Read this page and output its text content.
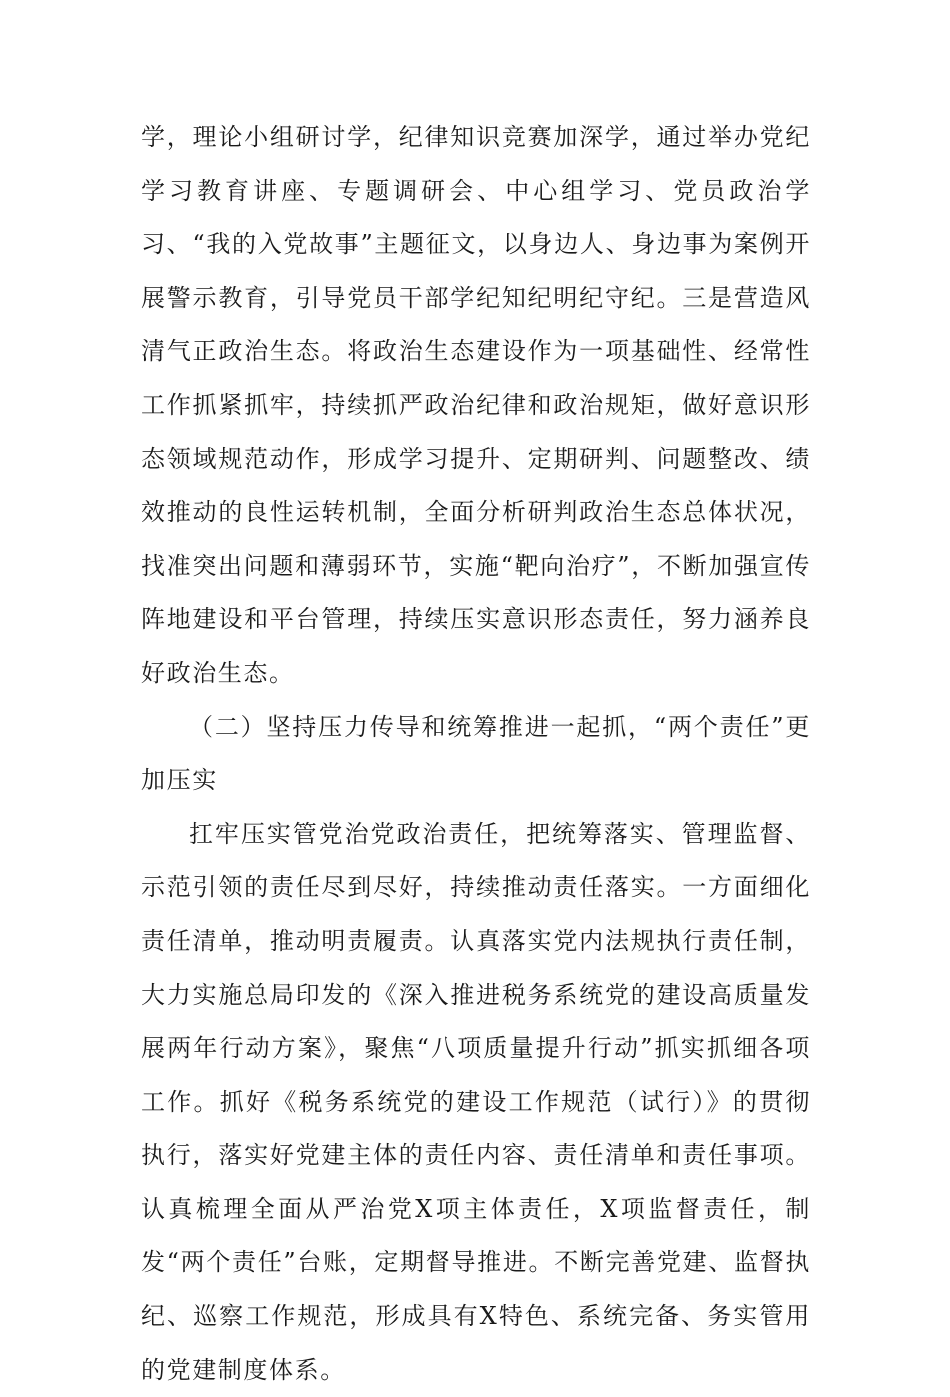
学，理论小组研讨学，纪律知识竞赛加深学，通过举办党纪学习教育讲座、专题调研会、中心组学习、党员政治学习、“我的入党故事”主题征文，以身边人、身边事为案例开展警示教育，引导党员干部学纪知纪明纪守纪。三是营造风清气正政治生态。将政治生态建设作为一项基础性、经常性工作抓紧抓牢，持续抓严政治纪律和政治规矩，做好意识形态领域规范动作，形成学习提升、定期研判、问题整改、绩效推动的良性运转机制，全面分析研判政治生态总体状况，找准突出问题和薄弱环节，实施“靶向治疗”，不断加强宣传阵地建设和平台管理，持续压实意识形态责任，努力涵养良好政治生态。

（二）坚持压力传导和统筹推进一起抓，“两个责任”更加压实

扛牢压实管党治党政治责任，把统筹落实、管理监督、示范引领的责任尽到尽好，持续推动责任落实。一方面细化责任清单，推动明责履责。认真落实党内法规执行责任制，大力实施总局印发的《深入推进税务系统党的建设高质量发展两年行动方案》，聚焦“八项质量提升行动”抓实抓细各项工作。抓好《税务系统党的建设工作规范（试行）》的贯彻执行，落实好党建主体的责任内容、责任清单和责任事项。认真梳理全面从严治党X项主体责任，X项监督责任，制发“两个责任”台账，定期督导推进。不断完善党建、监督执纪、巡察工作规范，形成具有X特色、系统完备、务实管用的党建制度体系。
